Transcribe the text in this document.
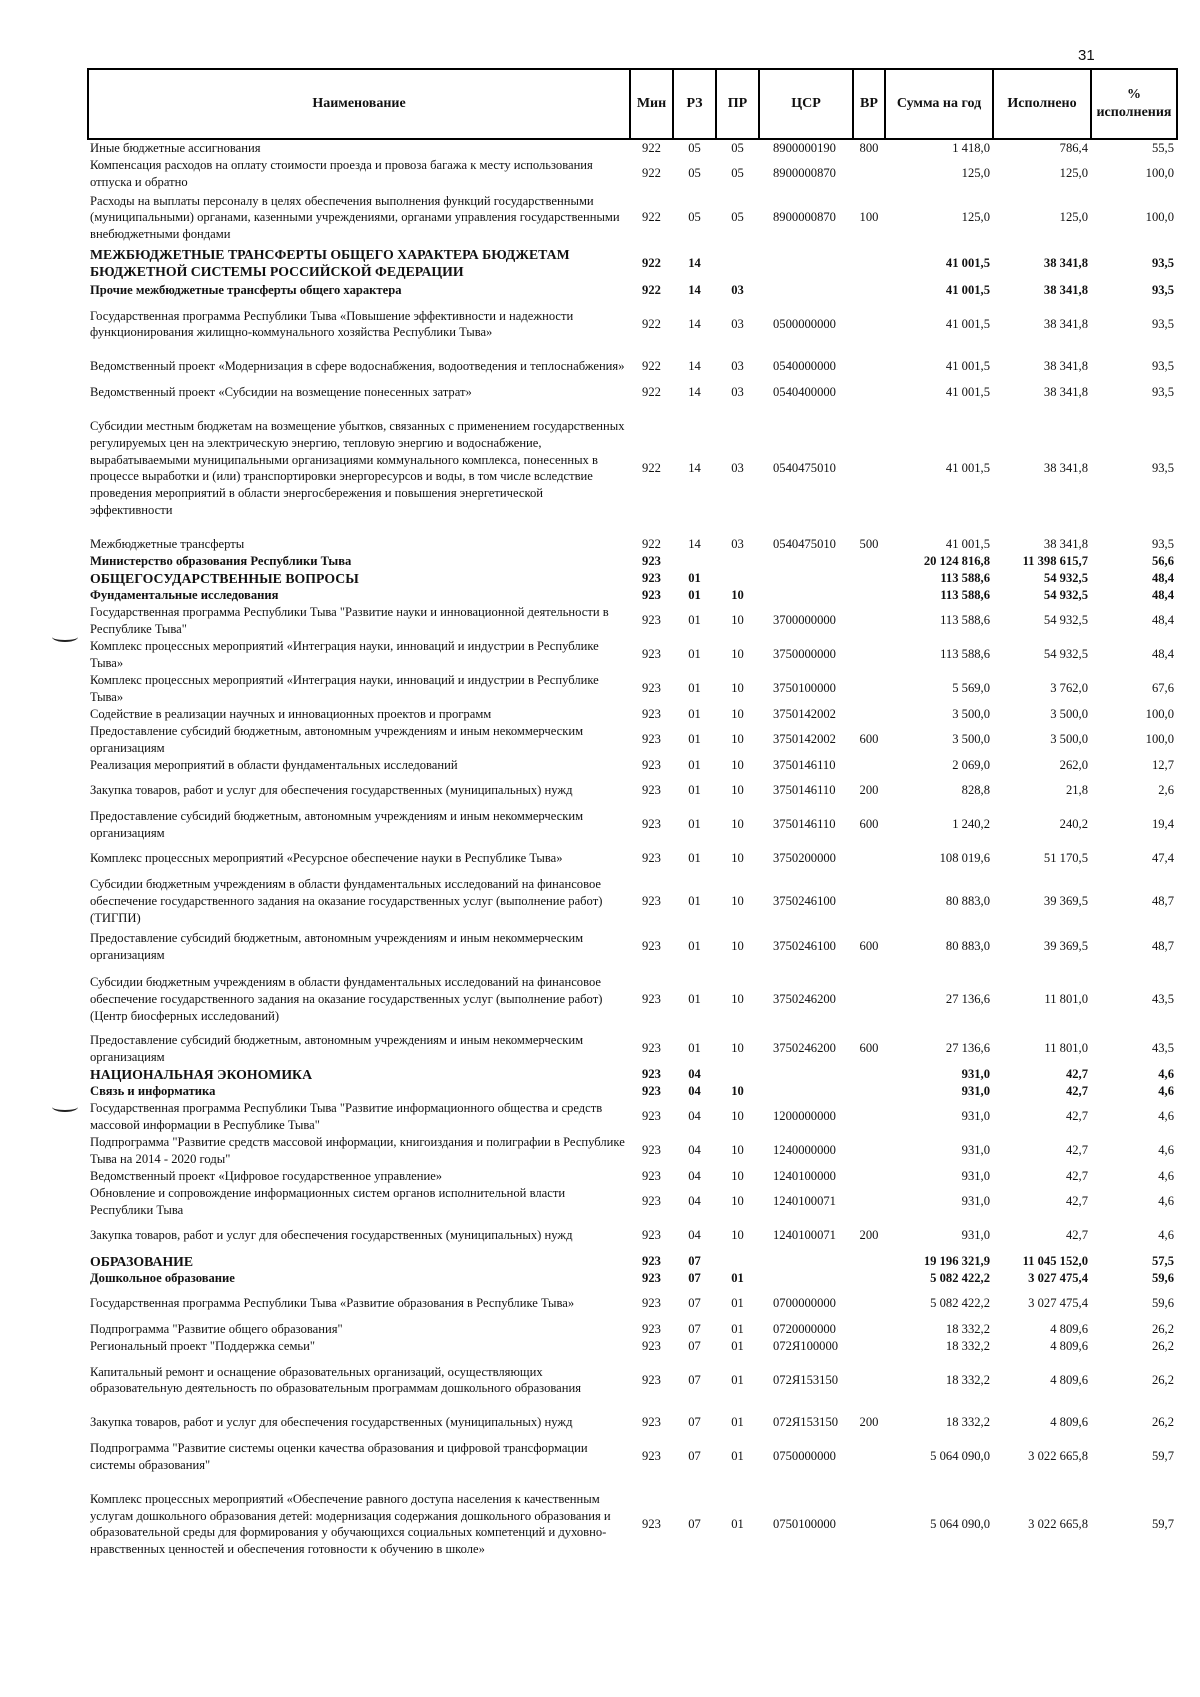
31
Наименование	Мин	РЗ	ПР	ЦСР	ВР	Сумма на год	Исполнено	% исполнения
Иные бюджетные ассигнования	922	05	05	8900000190	800	1 418,0	786,4	55,5
Компенсация расходов на оплату стоимости проезда и провоза багажа к месту использования отпуска и обратно	922	05	05	8900000870		125,0	125,0	100,0
Расходы на выплаты персоналу в целях обеспечения выполнения функций государственными (муниципальными) органами, казенными учреждениями, органами управления государственными внебюджетными фондами	922	05	05	8900000870	100	125,0	125,0	100,0
МЕЖБЮДЖЕТНЫЕ ТРАНСФЕРТЫ ОБЩЕГО ХАРАКТЕРА БЮДЖЕТАМ БЮДЖЕТНОЙ СИСТЕМЫ РОССИЙСКОЙ ФЕДЕРАЦИИ	922	14				41 001,5	38 341,8	93,5
Прочие межбюджетные трансферты общего характера	922	14	03			41 001,5	38 341,8	93,5
Государственная программа Республики Тыва «Повышение эффективности и надежности функционирования жилищно-коммунального хозяйства Республики Тыва»	922	14	03	0500000000		41 001,5	38 341,8	93,5
Ведомственный проект «Модернизация в сфере водоснабжения, водоотведения и теплоснабжения»	922	14	03	0540000000		41 001,5	38 341,8	93,5
Ведомственный проект «Субсидии на возмещение понесенных затрат»	922	14	03	0540400000		41 001,5	38 341,8	93,5
Субсидии местным бюджетам на возмещение убытков, связанных с применением государственных регулируемых цен на электрическую энергию, тепловую энергию и водоснабжение, вырабатываемыми муниципальными организациями коммунального комплекса, понесенных в процессе выработки и (или) транспортировки энергоресурсов и воды, в том числе вследствие проведения мероприятий в области энергосбережения и повышения энергетической эффективности	922	14	03	0540475010		41 001,5	38 341,8	93,5
Межбюджетные трансферты	922	14	03	0540475010	500	41 001,5	38 341,8	93,5
Министерство образования Республики Тыва	923					20 124 816,8	11 398 615,7	56,6
ОБЩЕГОСУДАРСТВЕННЫЕ ВОПРОСЫ	923	01				113 588,6	54 932,5	48,4
Фундаментальные исследования	923	01	10			113 588,6	54 932,5	48,4
Государственная программа Республики Тыва "Развитие науки и инновационной деятельности в Республике Тыва"	923	01	10	3700000000		113 588,6	54 932,5	48,4
Комплекс процессных мероприятий «Интеграция науки, инноваций и индустрии в Республике Тыва»	923	01	10	3750000000		113 588,6	54 932,5	48,4
Комплекс процессных мероприятий «Интеграция науки, инноваций и индустрии в Республике Тыва»	923	01	10	3750100000		5 569,0	3 762,0	67,6
Содействие в реализации научных и инновационных проектов и программ	923	01	10	3750142002		3 500,0	3 500,0	100,0
Предоставление субсидий бюджетным, автономным учреждениям и иным некоммерческим организациям	923	01	10	3750142002	600	3 500,0	3 500,0	100,0
Реализация мероприятий в области фундаментальных исследований	923	01	10	3750146110		2 069,0	262,0	12,7
Закупка товаров, работ и услуг для обеспечения государственных (муниципальных) нужд	923	01	10	3750146110	200	828,8	21,8	2,6
Предоставление субсидий бюджетным, автономным учреждениям и иным некоммерческим организациям	923	01	10	3750146110	600	1 240,2	240,2	19,4
Комплекс процессных мероприятий «Ресурсное обеспечение науки в Республике Тыва»	923	01	10	3750200000		108 019,6	51 170,5	47,4
Субсидии бюджетным учреждениям в области фундаментальных исследований на финансовое обеспечение государственного задания на оказание государственных услуг (выполнение работ) (ТИГПИ)	923	01	10	3750246100		80 883,0	39 369,5	48,7
Предоставление субсидий бюджетным, автономным учреждениям и иным некоммерческим организациям	923	01	10	3750246100	600	80 883,0	39 369,5	48,7
Субсидии бюджетным учреждениям в области фундаментальных исследований на финансовое обеспечение государственного задания на оказание государственных услуг (выполнение работ) (Центр биосферных исследований)	923	01	10	3750246200		27 136,6	11 801,0	43,5
Предоставление субсидий бюджетным, автономным учреждениям и иным некоммерческим организациям	923	01	10	3750246200	600	27 136,6	11 801,0	43,5
НАЦИОНАЛЬНАЯ ЭКОНОМИКА	923	04				931,0	42,7	4,6
Связь и информатика	923	04	10			931,0	42,7	4,6
Государственная программа Республики Тыва "Развитие информационного общества и средств массовой информации в Республике Тыва"	923	04	10	1200000000		931,0	42,7	4,6
Подпрограмма "Развитие средств массовой информации, книгоиздания и полиграфии в Республике Тыва на 2014 - 2020 годы"	923	04	10	1240000000		931,0	42,7	4,6
Ведомственный проект «Цифровое государственное управление»	923	04	10	1240100000		931,0	42,7	4,6
Обновление и сопровождение информационных систем органов исполнительной власти Республики Тыва	923	04	10	1240100071		931,0	42,7	4,6
Закупка товаров, работ и услуг для обеспечения государственных (муниципальных) нужд	923	04	10	1240100071	200	931,0	42,7	4,6
ОБРАЗОВАНИЕ	923	07				19 196 321,9	11 045 152,0	57,5
Дошкольное образование	923	07	01			5 082 422,2	3 027 475,4	59,6
Государственная программа Республики Тыва «Развитие образования в Республике Тыва»	923	07	01	0700000000		5 082 422,2	3 027 475,4	59,6
Подпрограмма "Развитие общего образования"	923	07	01	0720000000		18 332,2	4 809,6	26,2
Региональный проект "Поддержка семьи"	923	07	01	072Я100000		18 332,2	4 809,6	26,2
Капитальный ремонт и оснащение образовательных организаций, осуществляющих образовательную деятельность по образовательным программам дошкольного образования	923	07	01	072Я153150		18 332,2	4 809,6	26,2
Закупка товаров, работ и услуг для обеспечения государственных (муниципальных) нужд	923	07	01	072Я153150	200	18 332,2	4 809,6	26,2
Подпрограмма "Развитие системы оценки качества образования и цифровой трансформации системы образования"	923	07	01	0750000000		5 064 090,0	3 022 665,8	59,7
Комплекс процессных мероприятий «Обеспечение равного доступа населения к качественным услугам дошкольного образования детей: модернизация содержания дошкольного образования и образовательной среды для формирования у обучающихся социальных компетенций и духовно-нравственных ценностей и обеспечения готовности к обучению в школе»	923	07	01	0750100000		5 064 090,0	3 022 665,8	59,7
